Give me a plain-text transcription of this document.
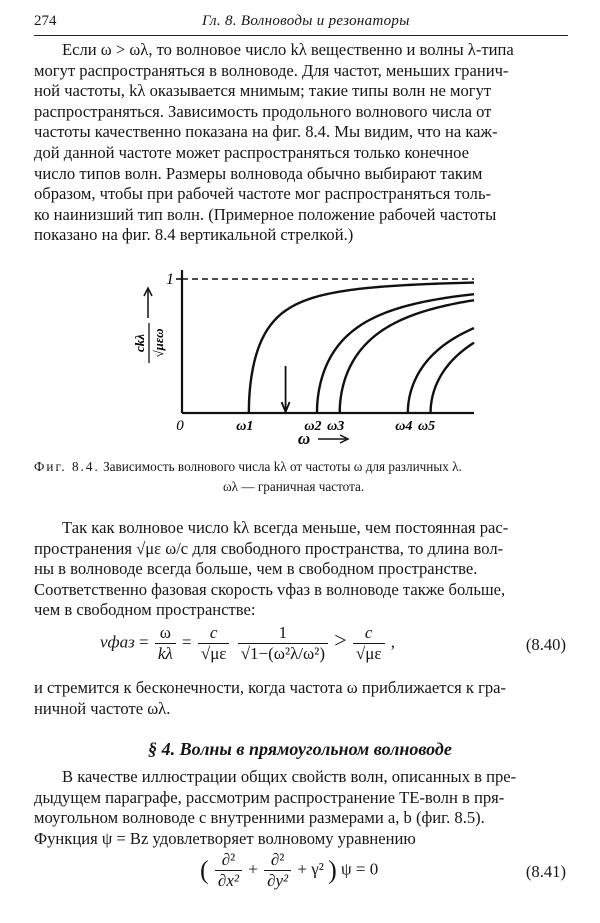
274	Гл. 8. Волноводы и резонаторы
Если ω > ωλ, то волновое число kλ вещественно и волны λ-типа
могут распространяться в волноводе. Для частот, меньших гранич-
ной частоты, kλ оказывается мнимым; такие типы волн не могут
распространяться. Зависимость продольного волнового числа от
частоты качественно показана на фиг. 8.4. Мы видим, что на каж-
дой данной частоте может распространяться только конечное
число типов волн. Размеры волновода обычно выбирают таким
образом, чтобы при рабочей частоте мог распространяться толь-
ко наинизший тип волн. (Примерное положение рабочей частоты
показано на фиг. 8.4 вертикальной стрелкой.)
1
0
ckλ √μεω
ω
ω1	ω2 ω3	ω4 ω5
Фиг. 8.4. Зависимость волнового числа kλ от частоты ω для различных λ.
ωλ — граничная частота.
Так как волновое число kλ всегда меньше, чем постоянная рас-
пространения √με ω/c для свободного пространства, то длина вол-
ны в волноводе всегда больше, чем в свободном пространстве.
Соответственно фазовая скорость vфаз в волноводе также больше,
чем в свободном пространстве:
vфаз = $\frac{\omega}{k\lambda} = \frac{c}{√\mu\varepsilon}$
$\frac{1}{\text{√1−(ω²λ/ω²)}} > \frac{c}{√\mu\varepsilon}$ ,	(8.40)
и стремится к бесконечности, когда частота ω приближается к гра-
ничной частоте ωλ.
§ 4. Волны в прямоугольном волноводе
В качестве иллюстрации общих свойств волн, описанных в пре-
дыдущем параграфе, рассмотрим распространение ТЕ-волн в пря-
моугольном волноводе с внутренними размерами a, b (фиг. 8.5).
Функция ψ = Bz удовлетворяет волновому уравнению
( $\frac{\text{∂²}}{\text{∂x²}} + \frac{\text{∂²}}{\text{∂y²}} + \gamma^2$ ) ψ = 0	(8.41)
